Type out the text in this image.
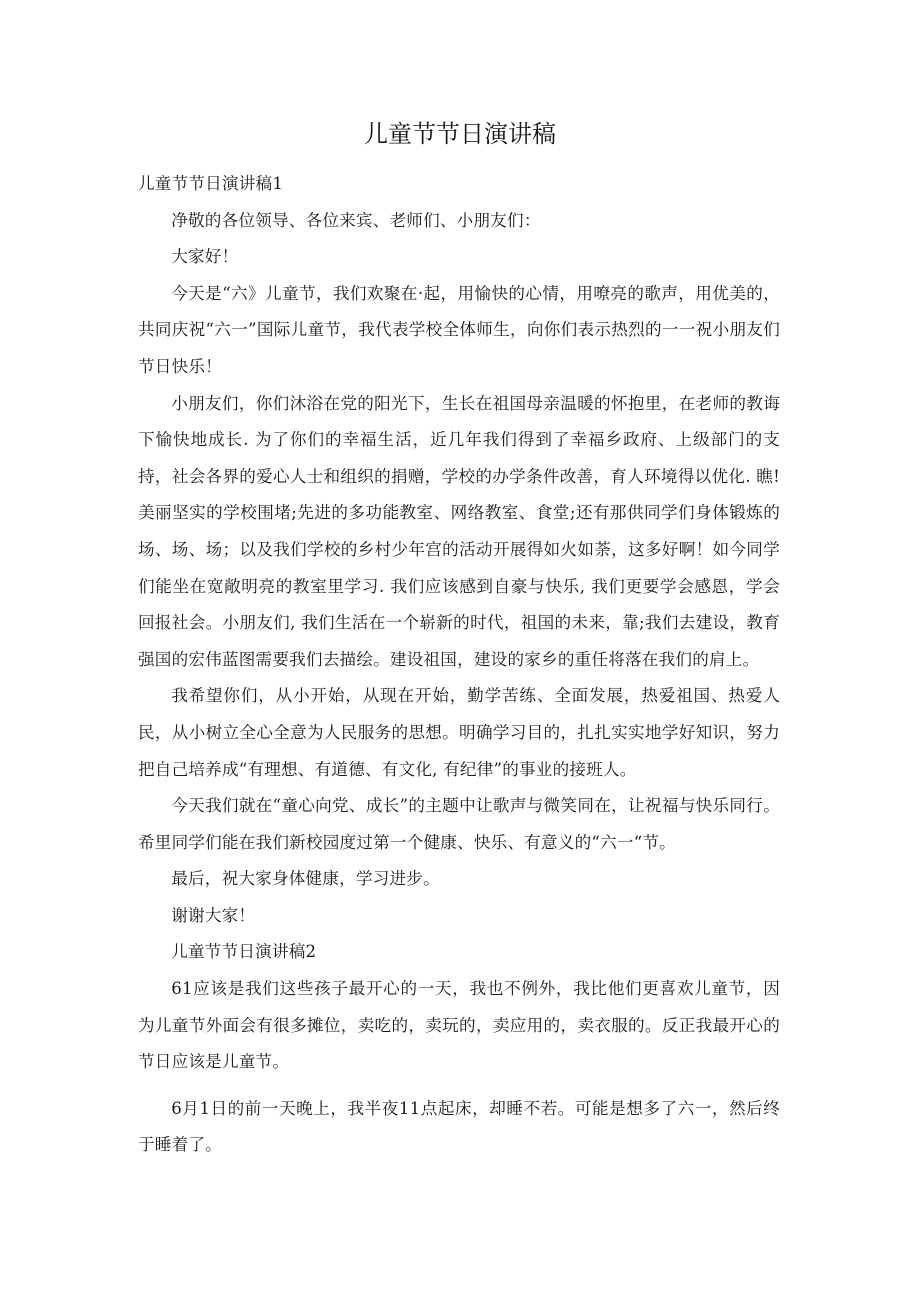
儿童节节日演讲稿

儿童节节日演讲稿1

净敬的各位领导、各位来宾、老师们、小朋友们：

大家好！

今天是“六》儿童节，我们欢聚在·起，用愉快的心情，用嘹亮的歌声，用优美的，共同庆祝“六一”国际儿童节，我代表学校全体师生，向你们表示热烈的一一祝小朋友们节日快乐！

小朋友们，你们沐浴在党的阳光下，生长在祖国母亲温暖的怀抱里，在老师的教诲下愉快地成长. 为了你们的幸福生活，近几年我们得到了幸福乡政府、上级部门的支持，社会各界的爱心人士和组织的捐赠，学校的办学条件改善，育人环境得以优化. 瞧! 美丽坚实的学校围堵;先进的多功能教室、网络教室、食堂;还有那供同学们身体锻炼的场、场、场；以及我们学校的乡村少年宫的活动开展得如火如荼，这多好啊！如今同学们能坐在宽敞明亮的教室里学习. 我们应该感到自豪与快乐, 我们更要学会感恩，学会回报社会。小朋友们, 我们生活在一个崭新的时代，祖国的未来，靠;我们去建设，教育强国的宏伟蓝图需要我们去描绘。建设祖国，建设的家乡的重任将落在我们的肩上。

我希望你们，从小开始，从现在开始，勤学苦练、全面发展，热爱祖国、热爱人民，从小树立全心全意为人民服务的思想。明确学习目的，扎扎实实地学好知识，努力把自己培养成“有理想、有道德、有文化, 有纪律”的事业的接班人。

今天我们就在“童心向党、成长”的主题中让歌声与微笑同在，让祝福与快乐同行。希里同学们能在我们新校园度过第一个健康、快乐、有意义的“六一“节。

最后，祝大家身体健康，学习进步。

谢谢大家！

儿童节节日演讲稿2

61应该是我们这些孩子最开心的一天，我也不例外，我比他们更喜欢儿童节，因为儿童节外面会有很多摊位，卖吃的，卖玩的，卖应用的，卖衣服的。反正我最开心的节日应该是儿童节。

6月1日的前一天晚上，我半夜11点起床，却睡不若。可能是想多了六一，然后终于睡着了。
